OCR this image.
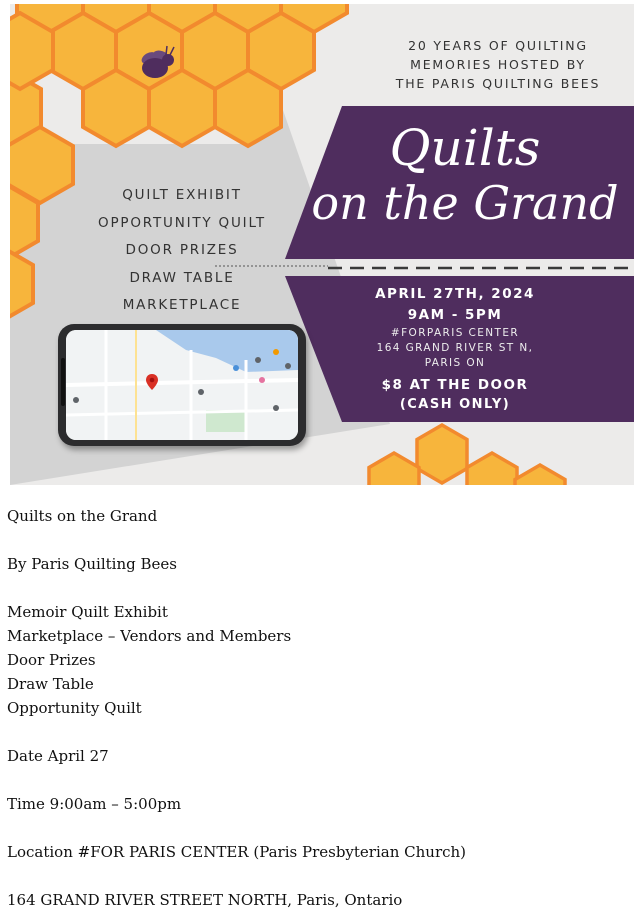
20 YEARS OF QUILTING
MEMORIES HOSTED BY
THE PARIS QUILTING BEES
Quilts
on the Grand
QUILT EXHIBIT
OPPORTUNITY QUILT
DOOR PRIZES
DRAW TABLE
MARKETPLACE
APRIL 27TH, 2024
9AM - 5PM
#FORPARIS CENTER
164 GRAND RIVER ST N,
PARIS ON
$8 AT THE DOOR
(CASH ONLY)
Quilts on the Grand
By Paris Quilting Bees
Memoir Quilt Exhibit
Marketplace – Vendors and Members
Door Prizes
Draw Table
Opportunity Quilt
Date April 27
Time 9:00am – 5:00pm
Location #FOR PARIS CENTER (Paris Presbyterian Church)
164 GRAND RIVER STREET NORTH, Paris, Ontario
